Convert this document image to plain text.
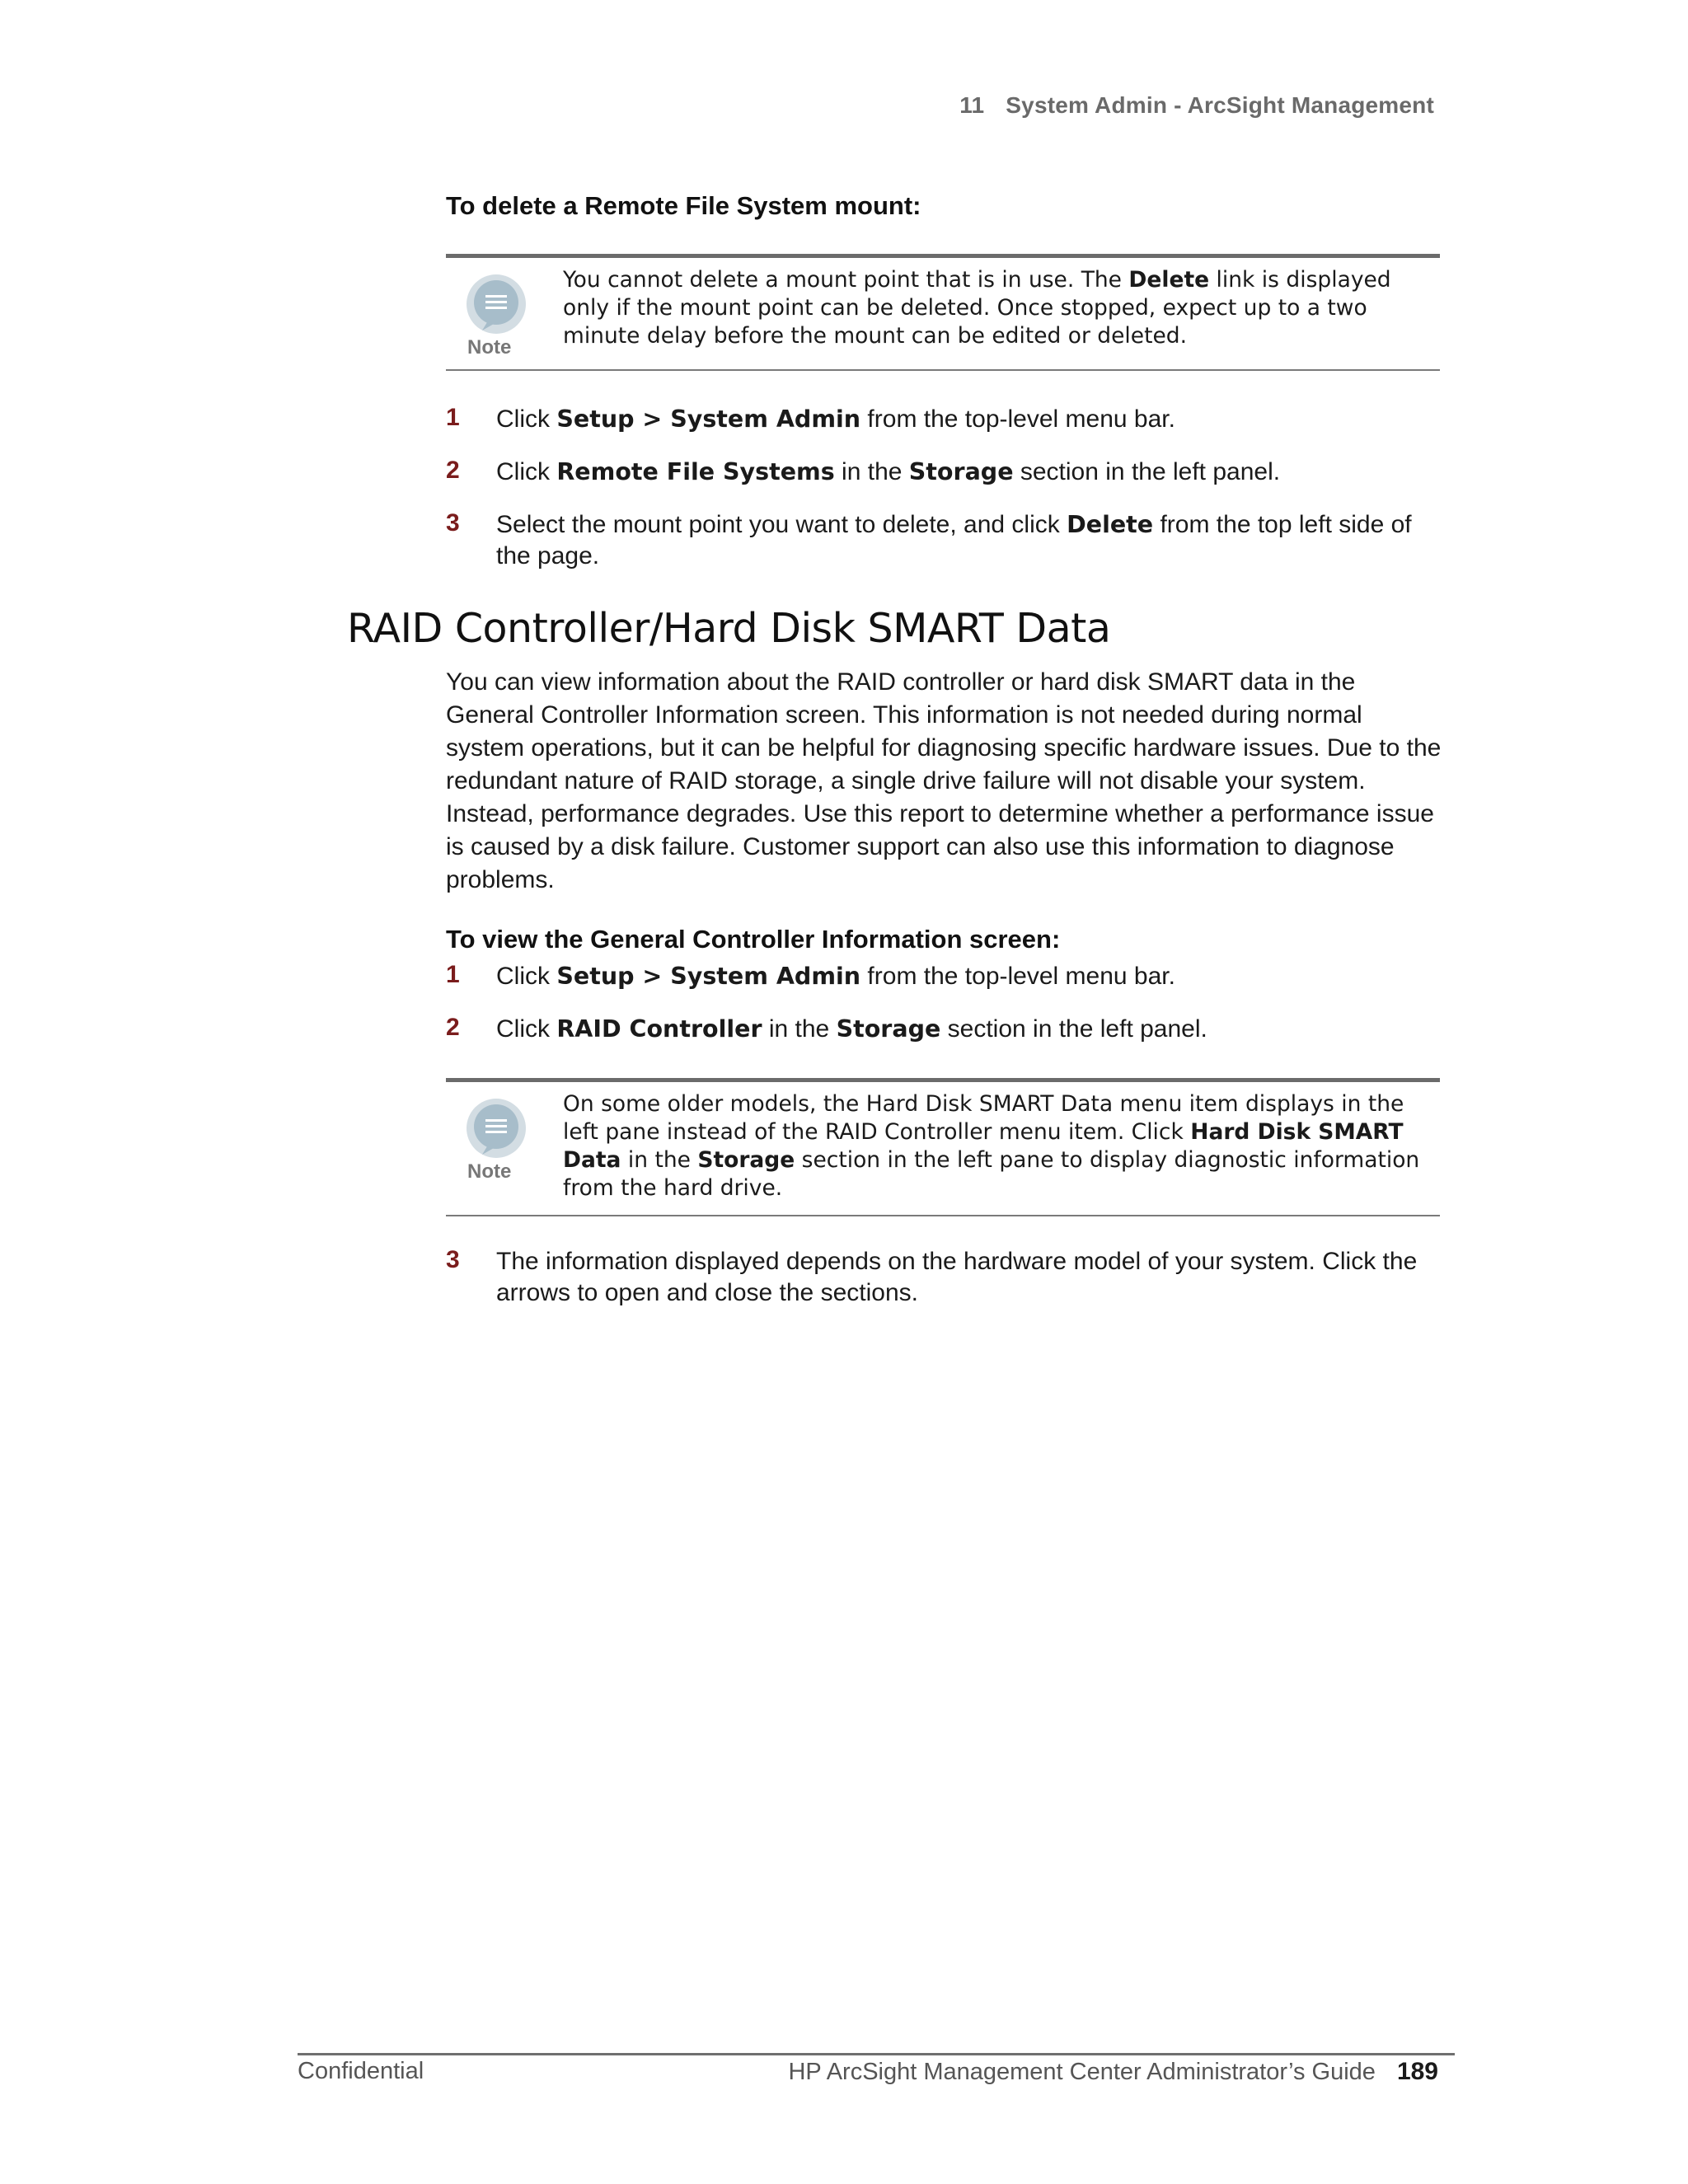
11 System Admin - ArcSight Management
To delete a Remote File System mount:
Note
You cannot delete a mount point that is in use. The Delete link is displayed only if the mount point can be deleted. Once stopped, expect up to a two minute delay before the mount can be edited or deleted.
1 Click Setup > System Admin from the top-level menu bar.
2 Click Remote File Systems in the Storage section in the left panel.
3 Select the mount point you want to delete, and click Delete from the top left side of the page.
RAID Controller/Hard Disk SMART Data
You can view information about the RAID controller or hard disk SMART data in the General Controller Information screen. This information is not needed during normal system operations, but it can be helpful for diagnosing specific hardware issues. Due to the redundant nature of RAID storage, a single drive failure will not disable your system. Instead, performance degrades. Use this report to determine whether a performance issue is caused by a disk failure. Customer support can also use this information to diagnose problems.
To view the General Controller Information screen:
1 Click Setup > System Admin from the top-level menu bar.
2 Click RAID Controller in the Storage section in the left panel.
Note
On some older models, the Hard Disk SMART Data menu item displays in the left pane instead of the RAID Controller menu item. Click Hard Disk SMART Data in the Storage section in the left pane to display diagnostic information from the hard drive.
3 The information displayed depends on the hardware model of your system. Click the arrows to open and close the sections.
Confidential	HP ArcSight Management Center Administrator’s Guide 189
